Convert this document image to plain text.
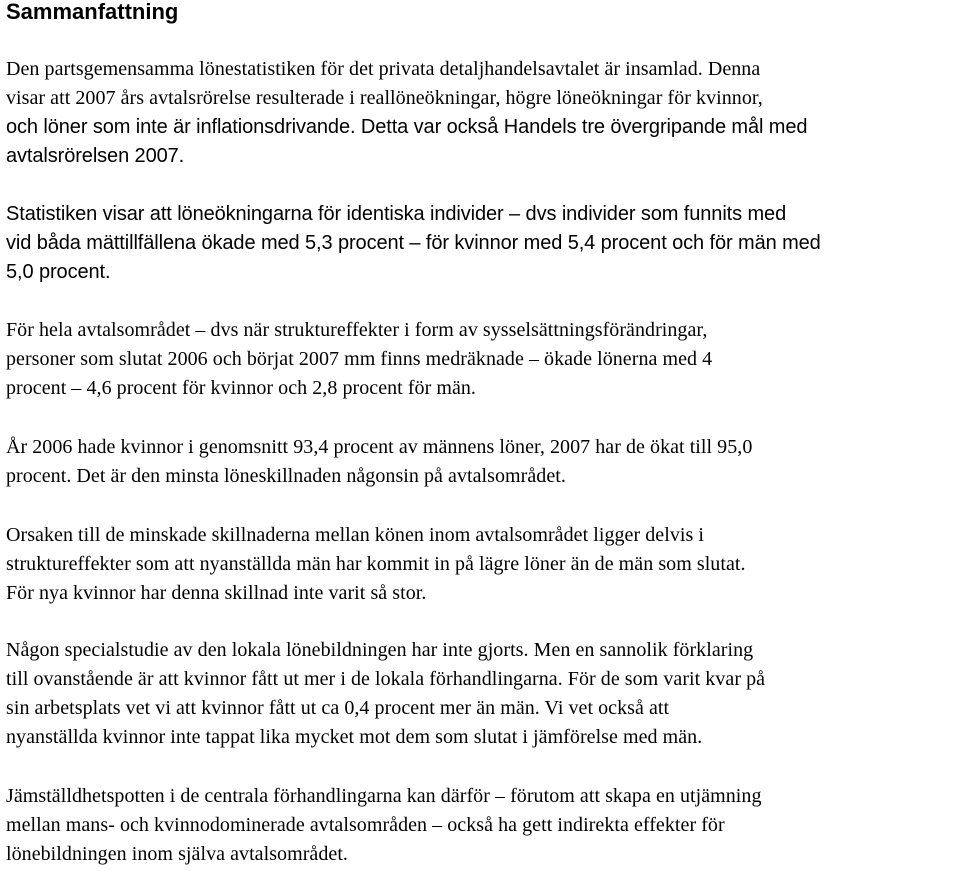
Sammanfattning
Den partsgemensamma lönestatistiken för det privata detaljhandelsavtalet är insamlad. Denna
visar att 2007 års avtalsrörelse resulterade i reallöneökningar, högre löneökningar för kvinnor,
och löner som inte är inflationsdrivande. Detta var också Handels tre övergripande mål med
avtalsrörelsen 2007.
Statistiken visar att löneökningarna för identiska individer – dvs individer som funnits med
vid båda mättillfällena ökade med 5,3 procent – för kvinnor med 5,4 procent och för män med
5,0 procent.
För hela avtalsområdet – dvs när struktureffekter i form av sysselsättningsförändringar,
personer som slutat 2006 och börjat 2007 mm finns medräknade – ökade lönerna med 4
procent – 4,6 procent för kvinnor och 2,8 procent för män.
År 2006 hade kvinnor i genomsnitt 93,4 procent av männens löner, 2007 har de ökat till 95,0
procent. Det är den minsta löneskillnaden någonsin på avtalsområdet.
Orsaken till de minskade skillnaderna mellan könen inom avtalsområdet ligger delvis i
struktureffekter som att nyanställda män har kommit in på lägre löner än de män som slutat.
För nya kvinnor har denna skillnad inte varit så stor.
Någon specialstudie av den lokala lönebildningen har inte gjorts. Men en sannolik förklaring
till ovanstående är att kvinnor fått ut mer i de lokala förhandlingarna. För de som varit kvar på
sin arbetsplats vet vi att kvinnor fått ut ca 0,4 procent mer än män. Vi vet också att
nyanställda kvinnor inte tappat lika mycket mot dem som slutat i jämförelse med män.
Jämställdhetspotten i de centrala förhandlingarna kan därför – förutom att skapa en utjämning
mellan mans- och kvinnodominerade avtalsområden – också ha gett indirekta effekter för
lönebildningen inom själva avtalsområdet.
